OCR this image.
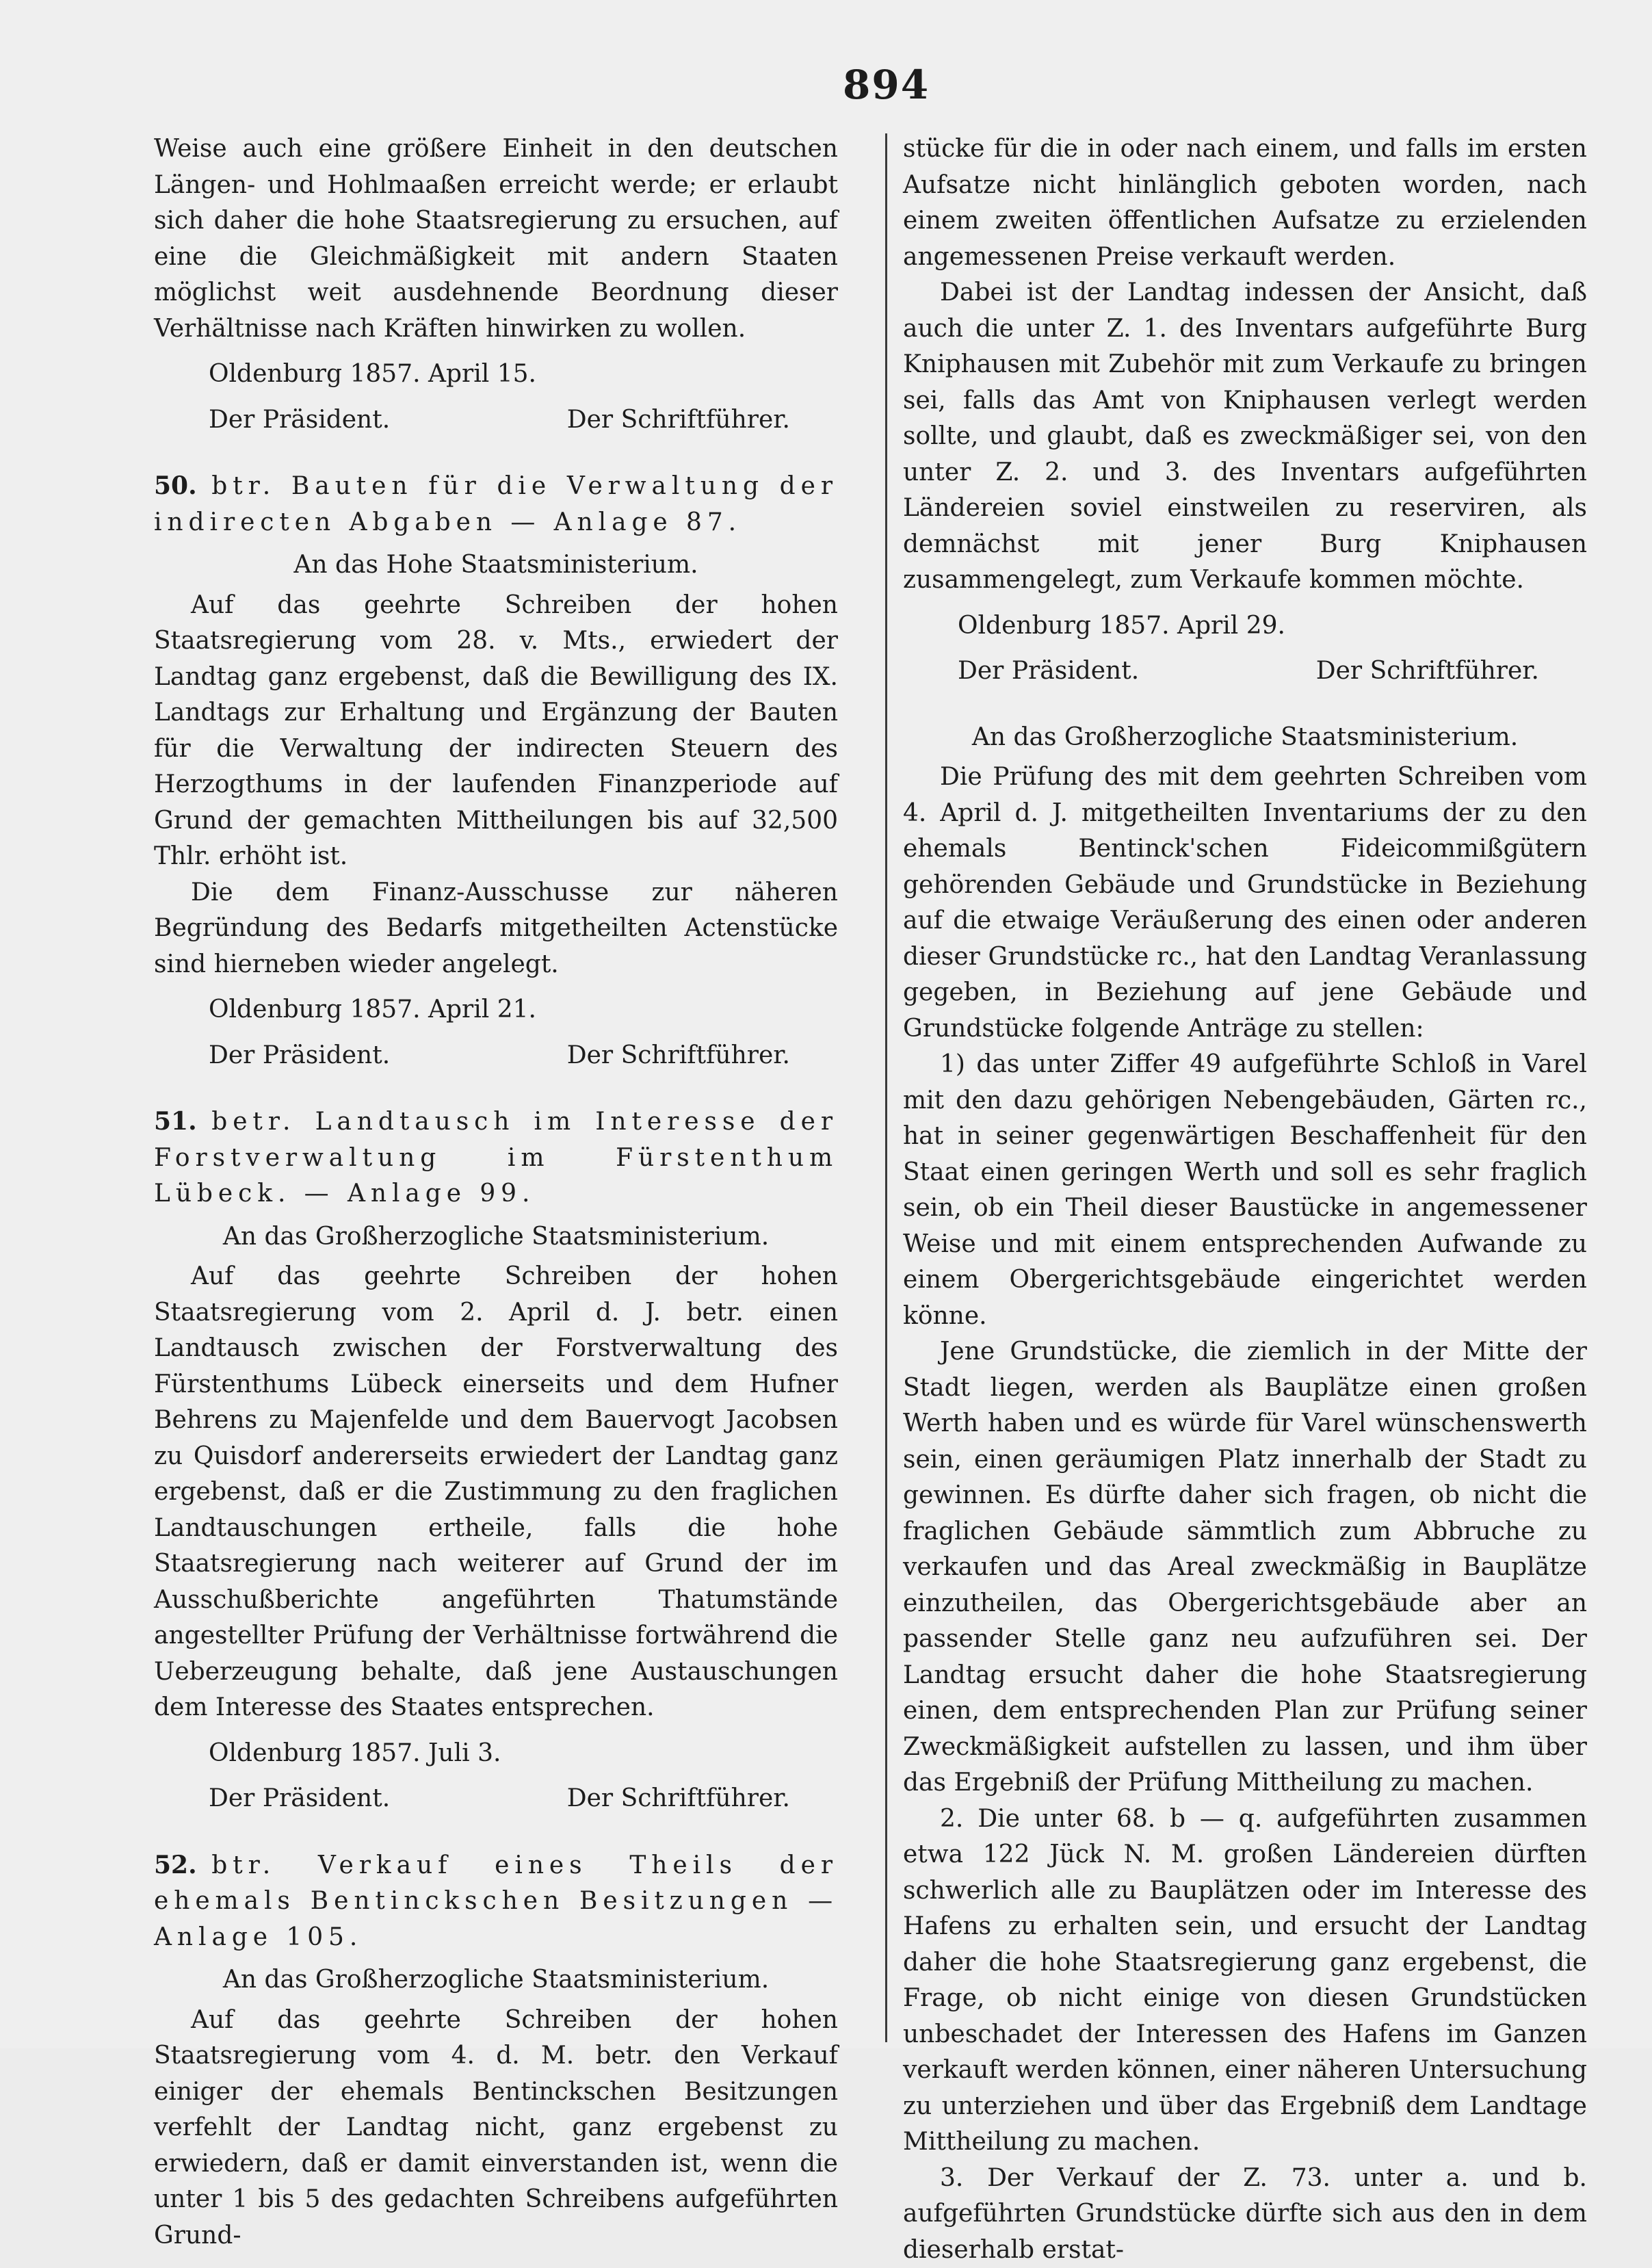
894

Weise auch eine größere Einheit in den deutschen Längen- und Hohlmaaßen erreicht werde; er erlaubt sich daher die hohe Staatsregierung zu ersuchen, auf eine die Gleichmäßigkeit mit andern Staaten möglichst weit ausdehnende Beordnung dieser Verhältnisse nach Kräften hinwirken zu wollen.

Oldenburg 1857. April 15.
Der Präsident.	Der Schriftführer.

50. btr. Bauten für die Verwaltung der indirecten Abgaben — Anlage 87.

An das Hohe Staatsministerium.

Auf das geehrte Schreiben der hohen Staatsregierung vom 28. v. Mts., erwiedert der Landtag ganz ergebenst, daß die Bewilligung des IX. Landtags zur Erhaltung und Ergänzung der Bauten für die Verwaltung der indirecten Steuern des Herzogthums in der laufenden Finanzperiode auf Grund der gemachten Mittheilungen bis auf 32,500 Thlr. erhöht ist.

Die dem Finanz-Ausschusse zur näheren Begründung des Bedarfs mitgetheilten Actenstücke sind hierneben wieder angelegt.

Oldenburg 1857. April 21.
Der Präsident.	Der Schriftführer.

51. betr. Landtausch im Interesse der Forstverwaltung im Fürstenthum Lübeck. — Anlage 99.

An das Großherzogliche Staatsministerium.

Auf das geehrte Schreiben der hohen Staatsregierung vom 2. April d. J. betr. einen Landtausch zwischen der Forstverwaltung des Fürstenthums Lübeck einerseits und dem Hufner Behrens zu Majenfelde und dem Bauervogt Jacobsen zu Quisdorf andererseits erwiedert der Landtag ganz ergebenst, daß er die Zustimmung zu den fraglichen Landtauschungen ertheile, falls die hohe Staatsregierung nach weiterer auf Grund der im Ausschußberichte angeführten Thatumstände angestellter Prüfung der Verhältnisse fortwährend die Ueberzeugung behalte, daß jene Austauschungen dem Interesse des Staates entsprechen.

Oldenburg 1857. Juli 3.
Der Präsident.	Der Schriftführer.

52. btr. Verkauf eines Theils der ehemals Bentinckschen Besitzungen — Anlage 105.

An das Großherzogliche Staatsministerium.

Auf das geehrte Schreiben der hohen Staatsregierung vom 4. d. M. betr. den Verkauf einiger der ehemals Bentinckschen Besitzungen verfehlt der Landtag nicht, ganz ergebenst zu erwiedern, daß er damit einverstanden ist, wenn die unter 1 bis 5 des gedachten Schreibens aufgeführten Grund-

stücke für die in oder nach einem, und falls im ersten Aufsatze nicht hinlänglich geboten worden, nach einem zweiten öffentlichen Aufsatze zu erzielenden angemessenen Preise verkauft werden.

Dabei ist der Landtag indessen der Ansicht, daß auch die unter Z. 1. des Inventars aufgeführte Burg Kniphausen mit Zubehör mit zum Verkaufe zu bringen sei, falls das Amt von Kniphausen verlegt werden sollte, und glaubt, daß es zweckmäßiger sei, von den unter Z. 2. und 3. des Inventars aufgeführten Ländereien soviel einstweilen zu reserviren, als demnächst mit jener Burg Kniphausen zusammengelegt, zum Verkaufe kommen möchte.

Oldenburg 1857. April 29.
Der Präsident.	Der Schriftführer.
An das Großherzogliche Staatsministerium.

Die Prüfung des mit dem geehrten Schreiben vom 4. April d. J. mitgetheilten Inventariums der zu den ehemals Bentinck'schen Fideicommißgütern gehörenden Gebäude und Grundstücke in Beziehung auf die etwaige Veräußerung des einen oder anderen dieser Grundstücke rc., hat den Landtag Veranlassung gegeben, in Beziehung auf jene Gebäude und Grundstücke folgende Anträge zu stellen:

1) das unter Ziffer 49 aufgeführte Schloß in Varel mit den dazu gehörigen Nebengebäuden, Gärten rc., hat in seiner gegenwärtigen Beschaffenheit für den Staat einen geringen Werth und soll es sehr fraglich sein, ob ein Theil dieser Baustücke in angemessener Weise und mit einem entsprechenden Aufwande zu einem Obergerichtsgebäude eingerichtet werden könne.

Jene Grundstücke, die ziemlich in der Mitte der Stadt liegen, werden als Bauplätze einen großen Werth haben und es würde für Varel wünschenswerth sein, einen geräumigen Platz innerhalb der Stadt zu gewinnen. Es dürfte daher sich fragen, ob nicht die fraglichen Gebäude sämmtlich zum Abbruche zu verkaufen und das Areal zweckmäßig in Bauplätze einzutheilen, das Obergerichtsgebäude aber an passender Stelle ganz neu aufzuführen sei. Der Landtag ersucht daher die hohe Staatsregierung einen, dem entsprechenden Plan zur Prüfung seiner Zweckmäßigkeit aufstellen zu lassen, und ihm über das Ergebniß der Prüfung Mittheilung zu machen.

2. Die unter 68. b — q. aufgeführten zusammen etwa 122 Jück N. M. großen Ländereien dürften schwerlich alle zu Bauplätzen oder im Interesse des Hafens zu erhalten sein, und ersucht der Landtag daher die hohe Staatsregierung ganz ergebenst, die Frage, ob nicht einige von diesen Grundstücken unbeschadet der Interessen des Hafens im Ganzen verkauft werden können, einer näheren Untersuchung zu unterziehen und über das Ergebniß dem Landtage Mittheilung zu machen.

3. Der Verkauf der Z. 73. unter a. und b. aufgeführten Grundstücke dürfte sich aus den in dem dieserhalb erstat-
